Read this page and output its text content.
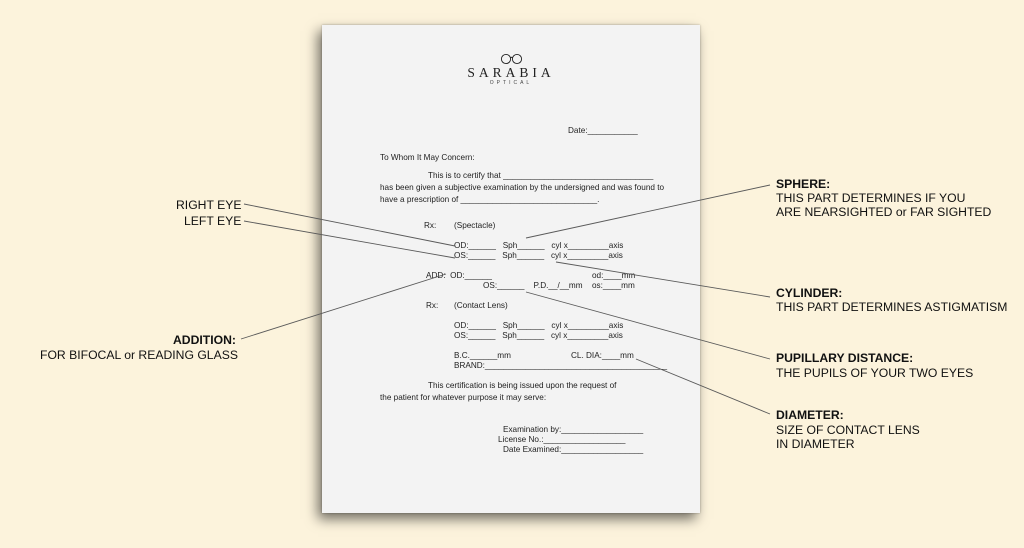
SARABIA
OPTICAL
Date:___________
To Whom It May Concern:
This is to certify that _________________________________
has been given a subjective examination by the undersigned and was found to
have a prescription of ______________________________.
Rx: (Spectacle)
OD:______   Sph______   cyl x_________axis
OS:______   Sph______   cyl x_________axis
ADD:  OD:______	od:____mm
OS:______    P.D.__/__mm os:____mm
Rx: (Contact Lens)
OD:______   Sph______   cyl x_________axis
OS:______   Sph______   cyl x_________axis
B.C.______mm	CL. DIA:____mm
BRAND:________________________________________
This certification is being issued upon the request of
the patient for whatever purpose it may serve:
Examination by:__________________
License No.:__________________
Date Examined:__________________
RIGHT EYE
LEFT EYE
ADDITION:
FOR BIFOCAL or READING GLASS
SPHERE:
THIS PART DETERMINES IF YOU
ARE NEARSIGHTED or FAR SIGHTED
CYLINDER:
THIS PART DETERMINES ASTIGMATISM
PUPILLARY DISTANCE:
THE PUPILS OF YOUR TWO EYES
DIAMETER:
SIZE OF CONTACT LENS
IN DIAMETER
